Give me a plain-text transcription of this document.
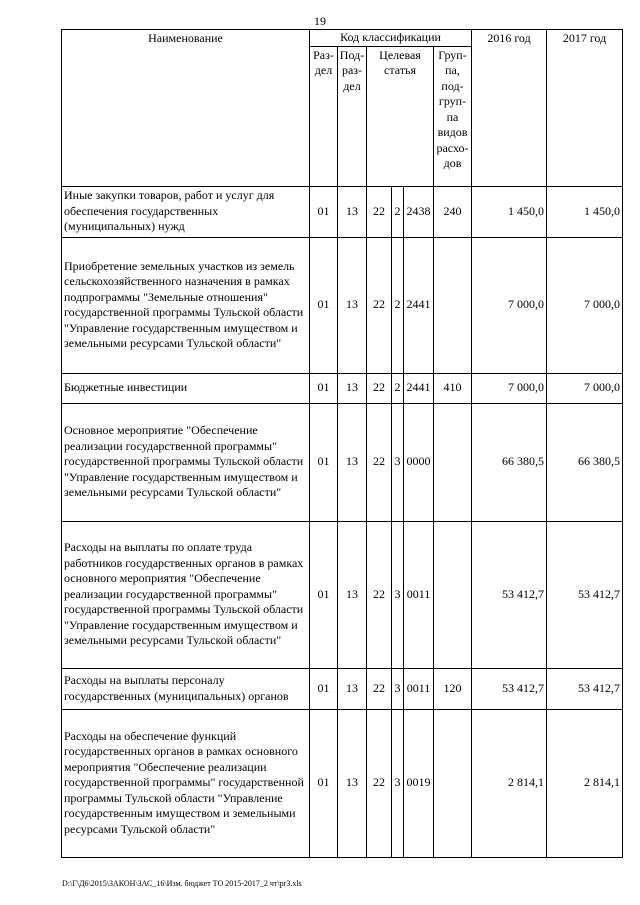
19
Наименование	Код классификации						2016 год	2017 год
	Раз-дел	Под-раз-дел	Целевая статья			Груп-па, под-груп-па видов расхо-дов		
Иные закупки товаров, работ и услуг для обеспечения государственных (муниципальных) нужд	01	13	22	2	2438	240	1 450,0	1 450,0
Приобретение земельных участков из земель сельскохозяйственного назначения в рамках подпрограммы "Земельные отношения" государственной программы Тульской области "Управление государственным имуществом и земельными ресурсами Тульской области"	01	13	22	2	2441		7 000,0	7 000,0
Бюджетные инвестиции	01	13	22	2	2441	410	7 000,0	7 000,0
Основное мероприятие "Обеспечение реализации государственной программы" государственной программы Тульской области "Управление государственным имуществом и земельными ресурсами Тульской области"	01	13	22	3	0000		66 380,5	66 380,5
Расходы на выплаты по оплате труда работников государственных органов в рамках основного мероприятия "Обеспечение реализации государственной программы" государственной программы Тульской области "Управление государственным имуществом и земельными ресурсами Тульской области"	01	13	22	3	0011		53 412,7	53 412,7
Расходы на выплаты персоналу государственных (муниципальных) органов	01	13	22	3	0011	120	53 412,7	53 412,7
Расходы на обеспечение функций государственных органов в рамках основного мероприятия "Обеспечение реализации государственной программы" государственной программы Тульской области "Управление государственным имуществом и земельными ресурсами Тульской области"	01	13	22	3	0019		2 814,1	2 814,1
D:\Г\Д6\2015\ЗАКОН\ЗАС_16\Изм. бюджет ТО 2015-2017_2 чт\pr3.xls
